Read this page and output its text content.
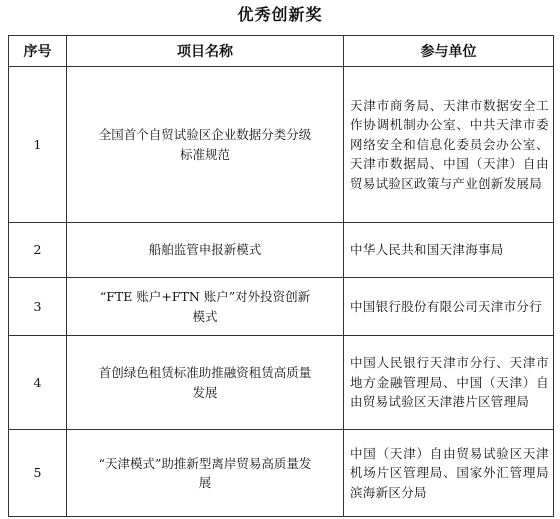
优秀创新奖
序号	项目名称	参与单位
1	全国首个自贸试验区企业数据分类分级标准规范	天津市商务局、天津市数据安全工作协调机制办公室、中共天津市委网络安全和信息化委员会办公室、天津市数据局、中国（天津）自由贸易试验区政策与产业创新发展局
2	船舶监管申报新模式	中华人民共和国天津海事局
3	“FTE 账户+FTN 账户”对外投资创新模式	中国银行股份有限公司天津市分行
4	首创绿色租赁标准助推融资租赁高质量发展	中国人民银行天津市分行、天津市地方金融管理局、中国（天津）自由贸易试验区天津港片区管理局
5	“天津模式”助推新型离岸贸易高质量发展	中国（天津）自由贸易试验区天津机场片区管理局、国家外汇管理局滨海新区分局
